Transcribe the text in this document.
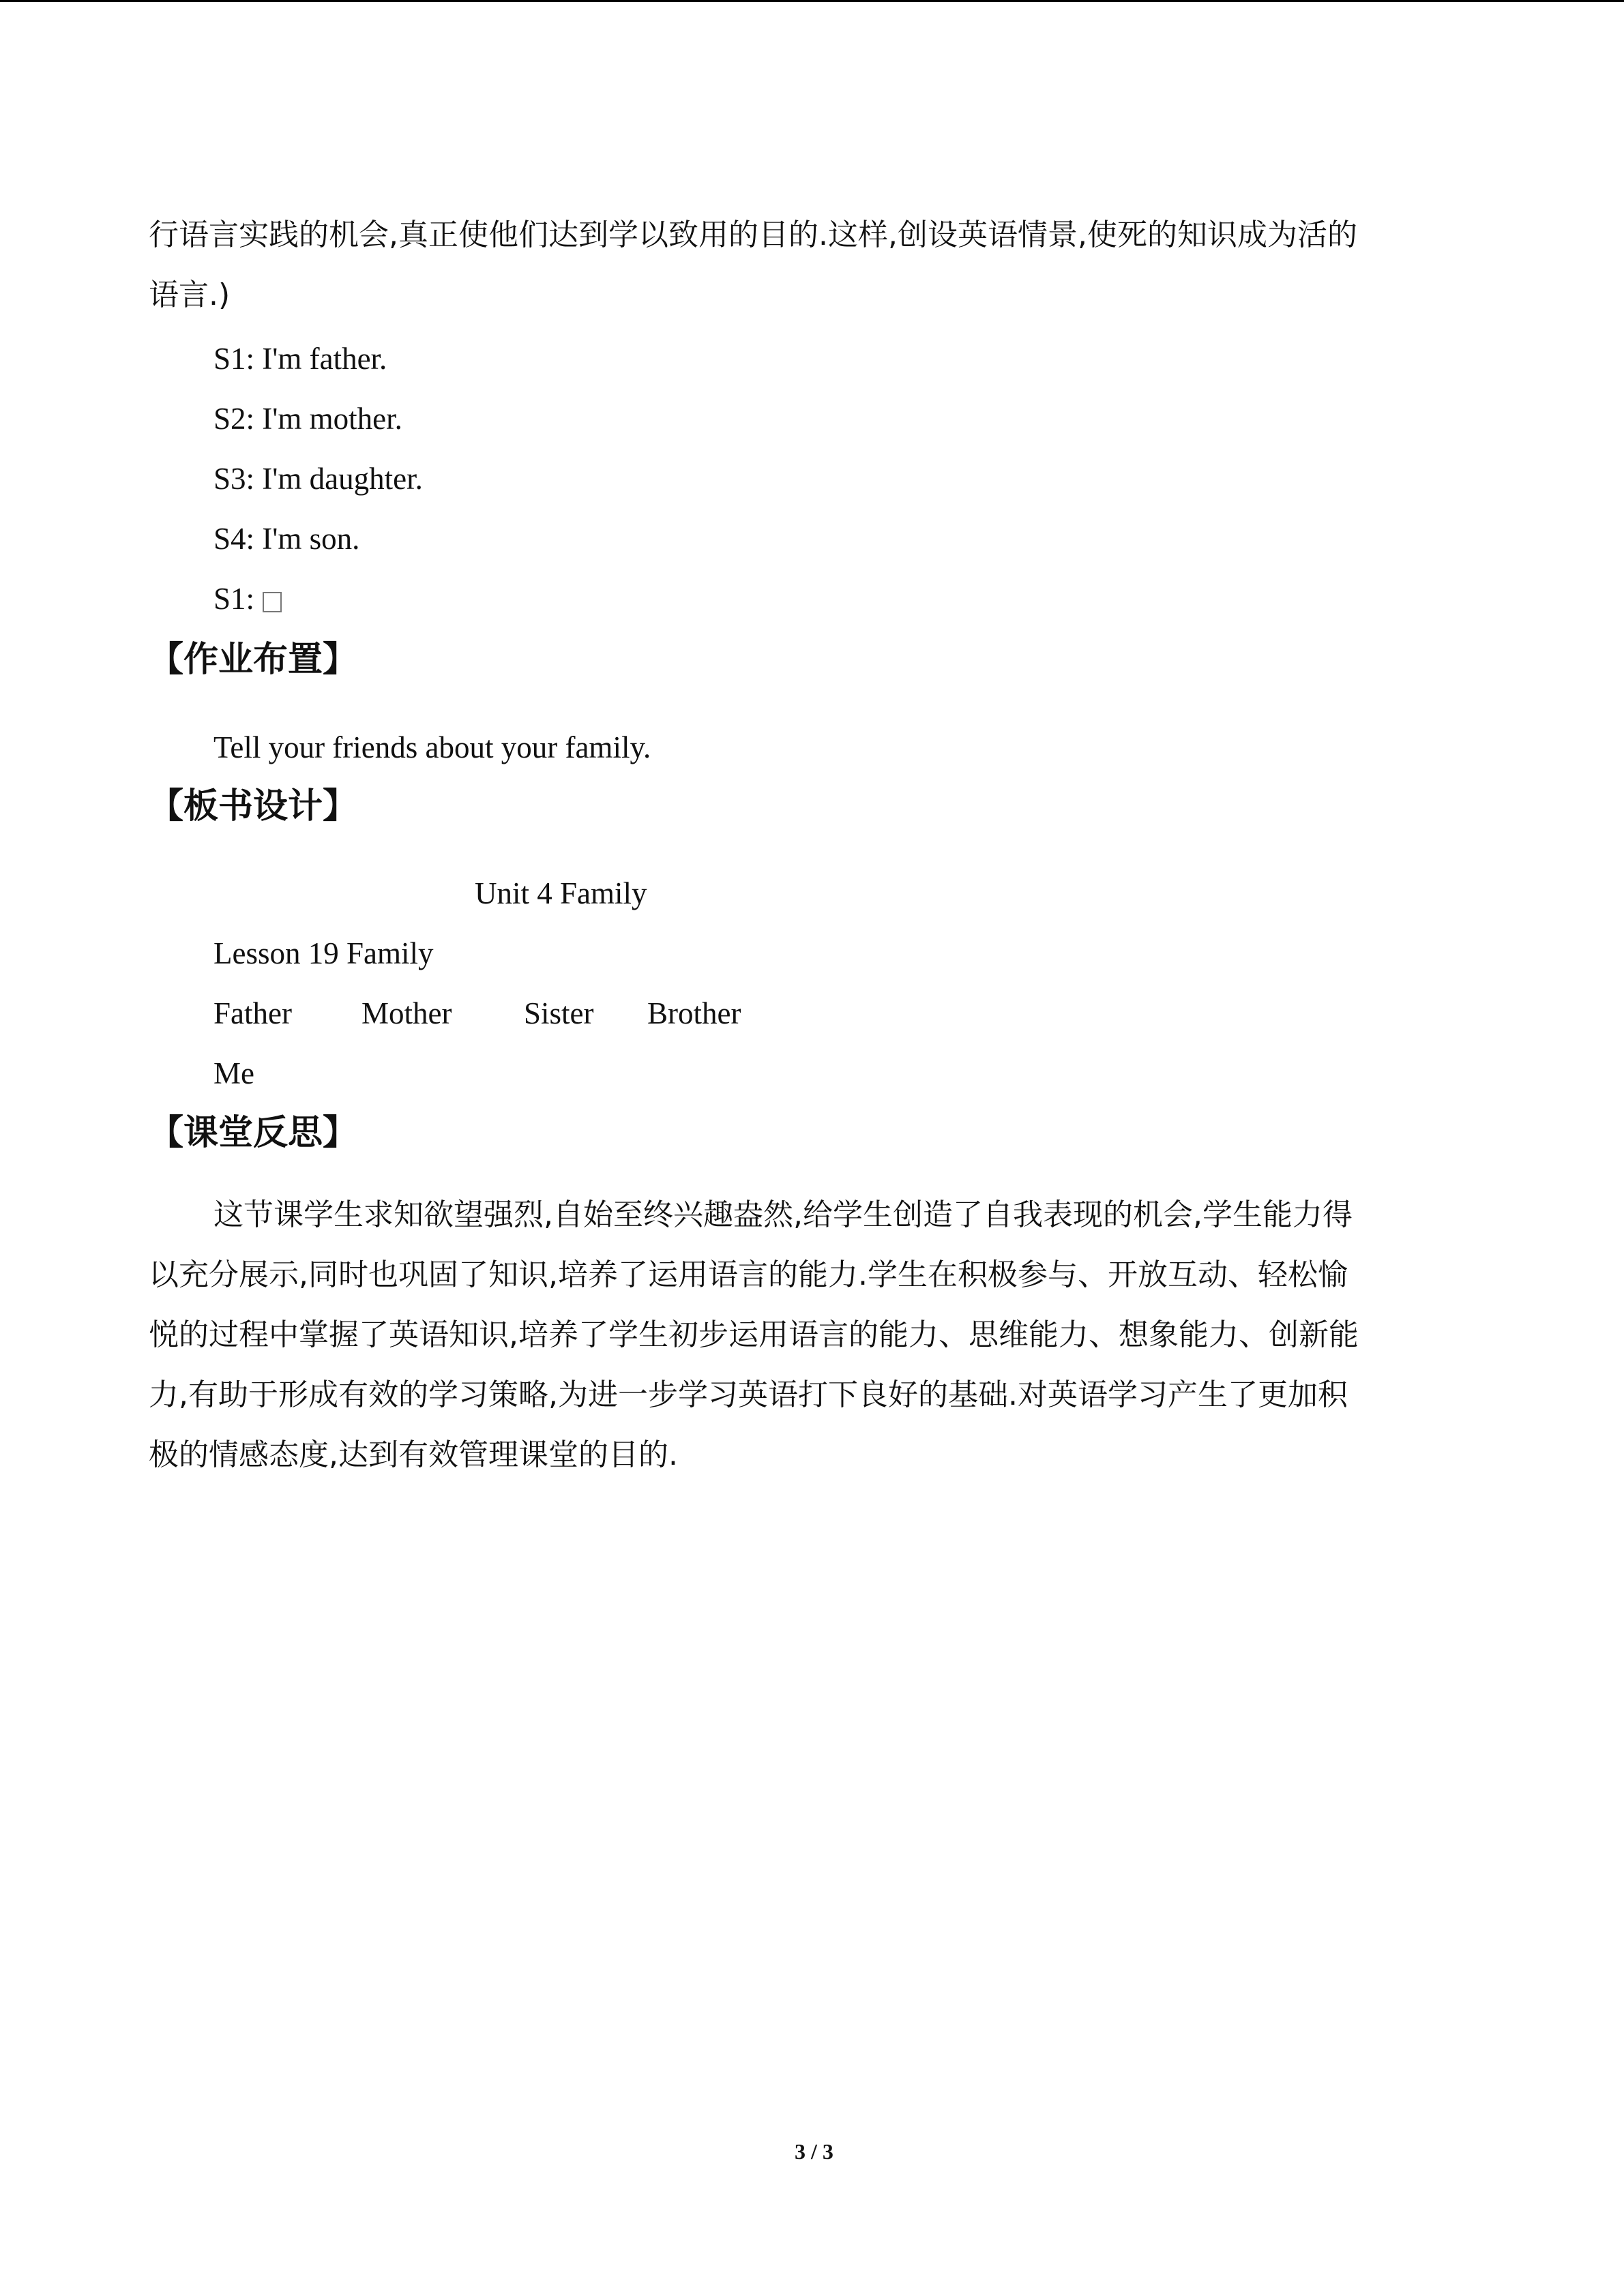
行语言实践的机会,真正使他们达到学以致用的目的.这样,创设英语情景,使死的知识成为活的
语言.)
S1: I'm father.
S2: I'm mother.
S3: I'm daughter.
S4: I'm son.
S1:
【作业布置】
Tell your friends about your family.
【板书设计】
Unit 4 Family
Lesson 19 Family
Father Mother Sister Brother
Me
【课堂反思】
这节课学生求知欲望强烈,自始至终兴趣盎然,给学生创造了自我表现的机会,学生能力得
以充分展示,同时也巩固了知识,培养了运用语言的能力.学生在积极参与、开放互动、轻松愉
悦的过程中掌握了英语知识,培养了学生初步运用语言的能力、思维能力、想象能力、创新能
力,有助于形成有效的学习策略,为进一步学习英语打下良好的基础.对英语学习产生了更加积
极的情感态度,达到有效管理课堂的目的.
3 / 3
